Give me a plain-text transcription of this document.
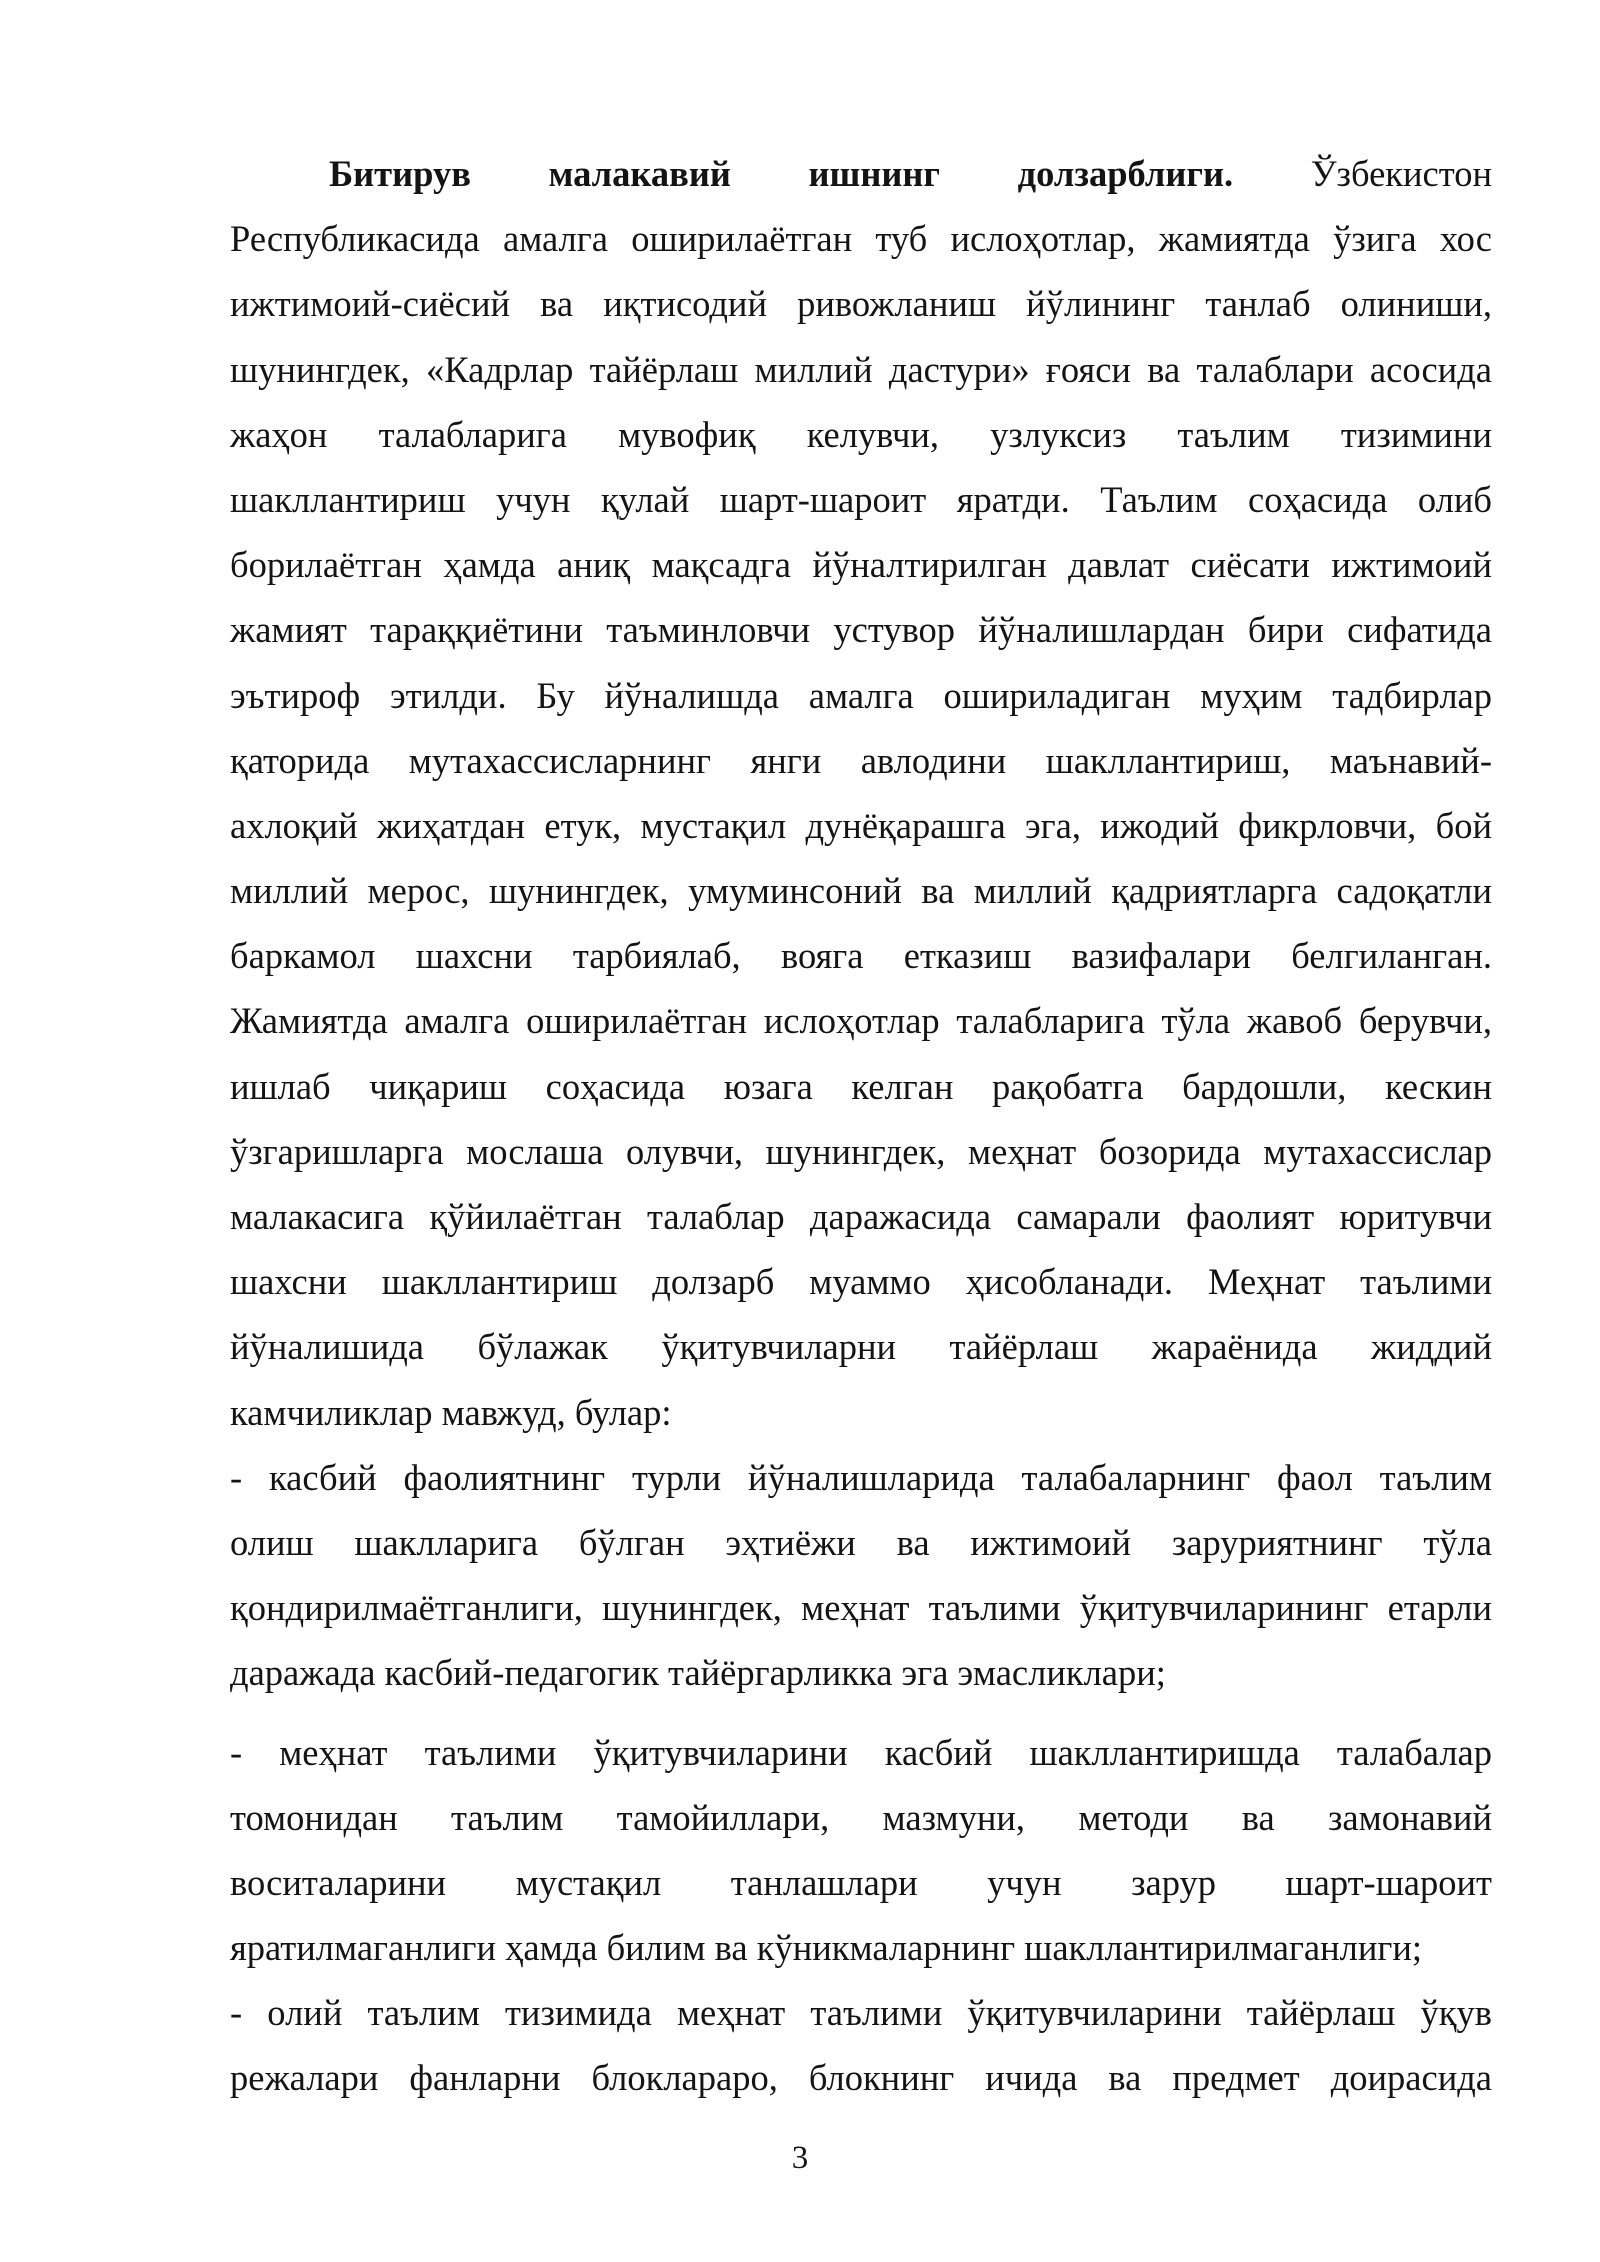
Битирув малакавий ишнинг долзарблиги. Ўзбекистон
Республикасида амалга оширилаётган туб ислоҳотлар, жамиятда ўзига хос
ижтимоий-сиёсий ва иқтисодий ривожланиш йўлининг танлаб олиниши,
шунингдек, «Кадрлар тайёрлаш миллий дастури» ғояси ва талаблари асосида
жаҳон талабларига мувофиқ келувчи, узлуксиз таълим тизимини
шакллантириш учун қулай шарт-шароит яратди. Таълим соҳасида олиб
борилаётган ҳамда аниқ мақсадга йўналтирилган давлат сиёсати ижтимоий
жамият тараққиётини таъминловчи устувор йўналишлардан бири сифатида
эътироф этилди. Бу йўналишда амалга ошириладиган муҳим тадбирлар
қаторида мутахассисларнинг янги авлодини шакллантириш, маънавий-
ахлоқий жиҳатдан етук, мустақил дунёқарашга эга, ижодий фикрловчи, бой
миллий мерос, шунингдек, умуминсоний ва миллий қадриятларга садоқатли
баркамол шахсни тарбиялаб, вояга етказиш вазифалари белгиланган.
Жамиятда амалга оширилаётган ислоҳотлар талабларига тўла жавоб берувчи,
ишлаб чиқариш соҳасида юзага келган рақобатга бардошли, кескин
ўзгаришларга мослаша олувчи, шунингдек, меҳнат бозорида мутахассислар
малакасига қўйилаётган талаблар даражасида самарали фаолият юритувчи
шахсни шакллантириш долзарб муаммо ҳисобланади. Меҳнат таълими
йўналишида бўлажак ўқитувчиларни тайёрлаш жараёнида жиддий
камчиликлар мавжуд, булар:
- касбий фаолиятнинг турли йўналишларида талабаларнинг фаол таълим
олиш шаклларига бўлган эҳтиёжи ва ижтимоий заруриятнинг тўла
қондирилмаётганлиги, шунингдек, меҳнат таълими ўқитувчиларининг етарли
даражада касбий-педагогик тайёргарликка эга эмасликлари;
- меҳнат таълими ўқитувчиларини касбий шакллантиришда талабалар
томонидан таълим тамойиллари, мазмуни, методи ва замонавий
воситаларини мустақил танлашлари учун зарур шарт-шароит
яратилмаганлиги ҳамда билим ва кўникмаларнинг шакллантирилмаганлиги;
- олий таълим тизимида меҳнат таълими ўқитувчиларини тайёрлаш ўқув
режалари фанларни блоклараро, блокнинг ичида ва предмет доирасида
3
